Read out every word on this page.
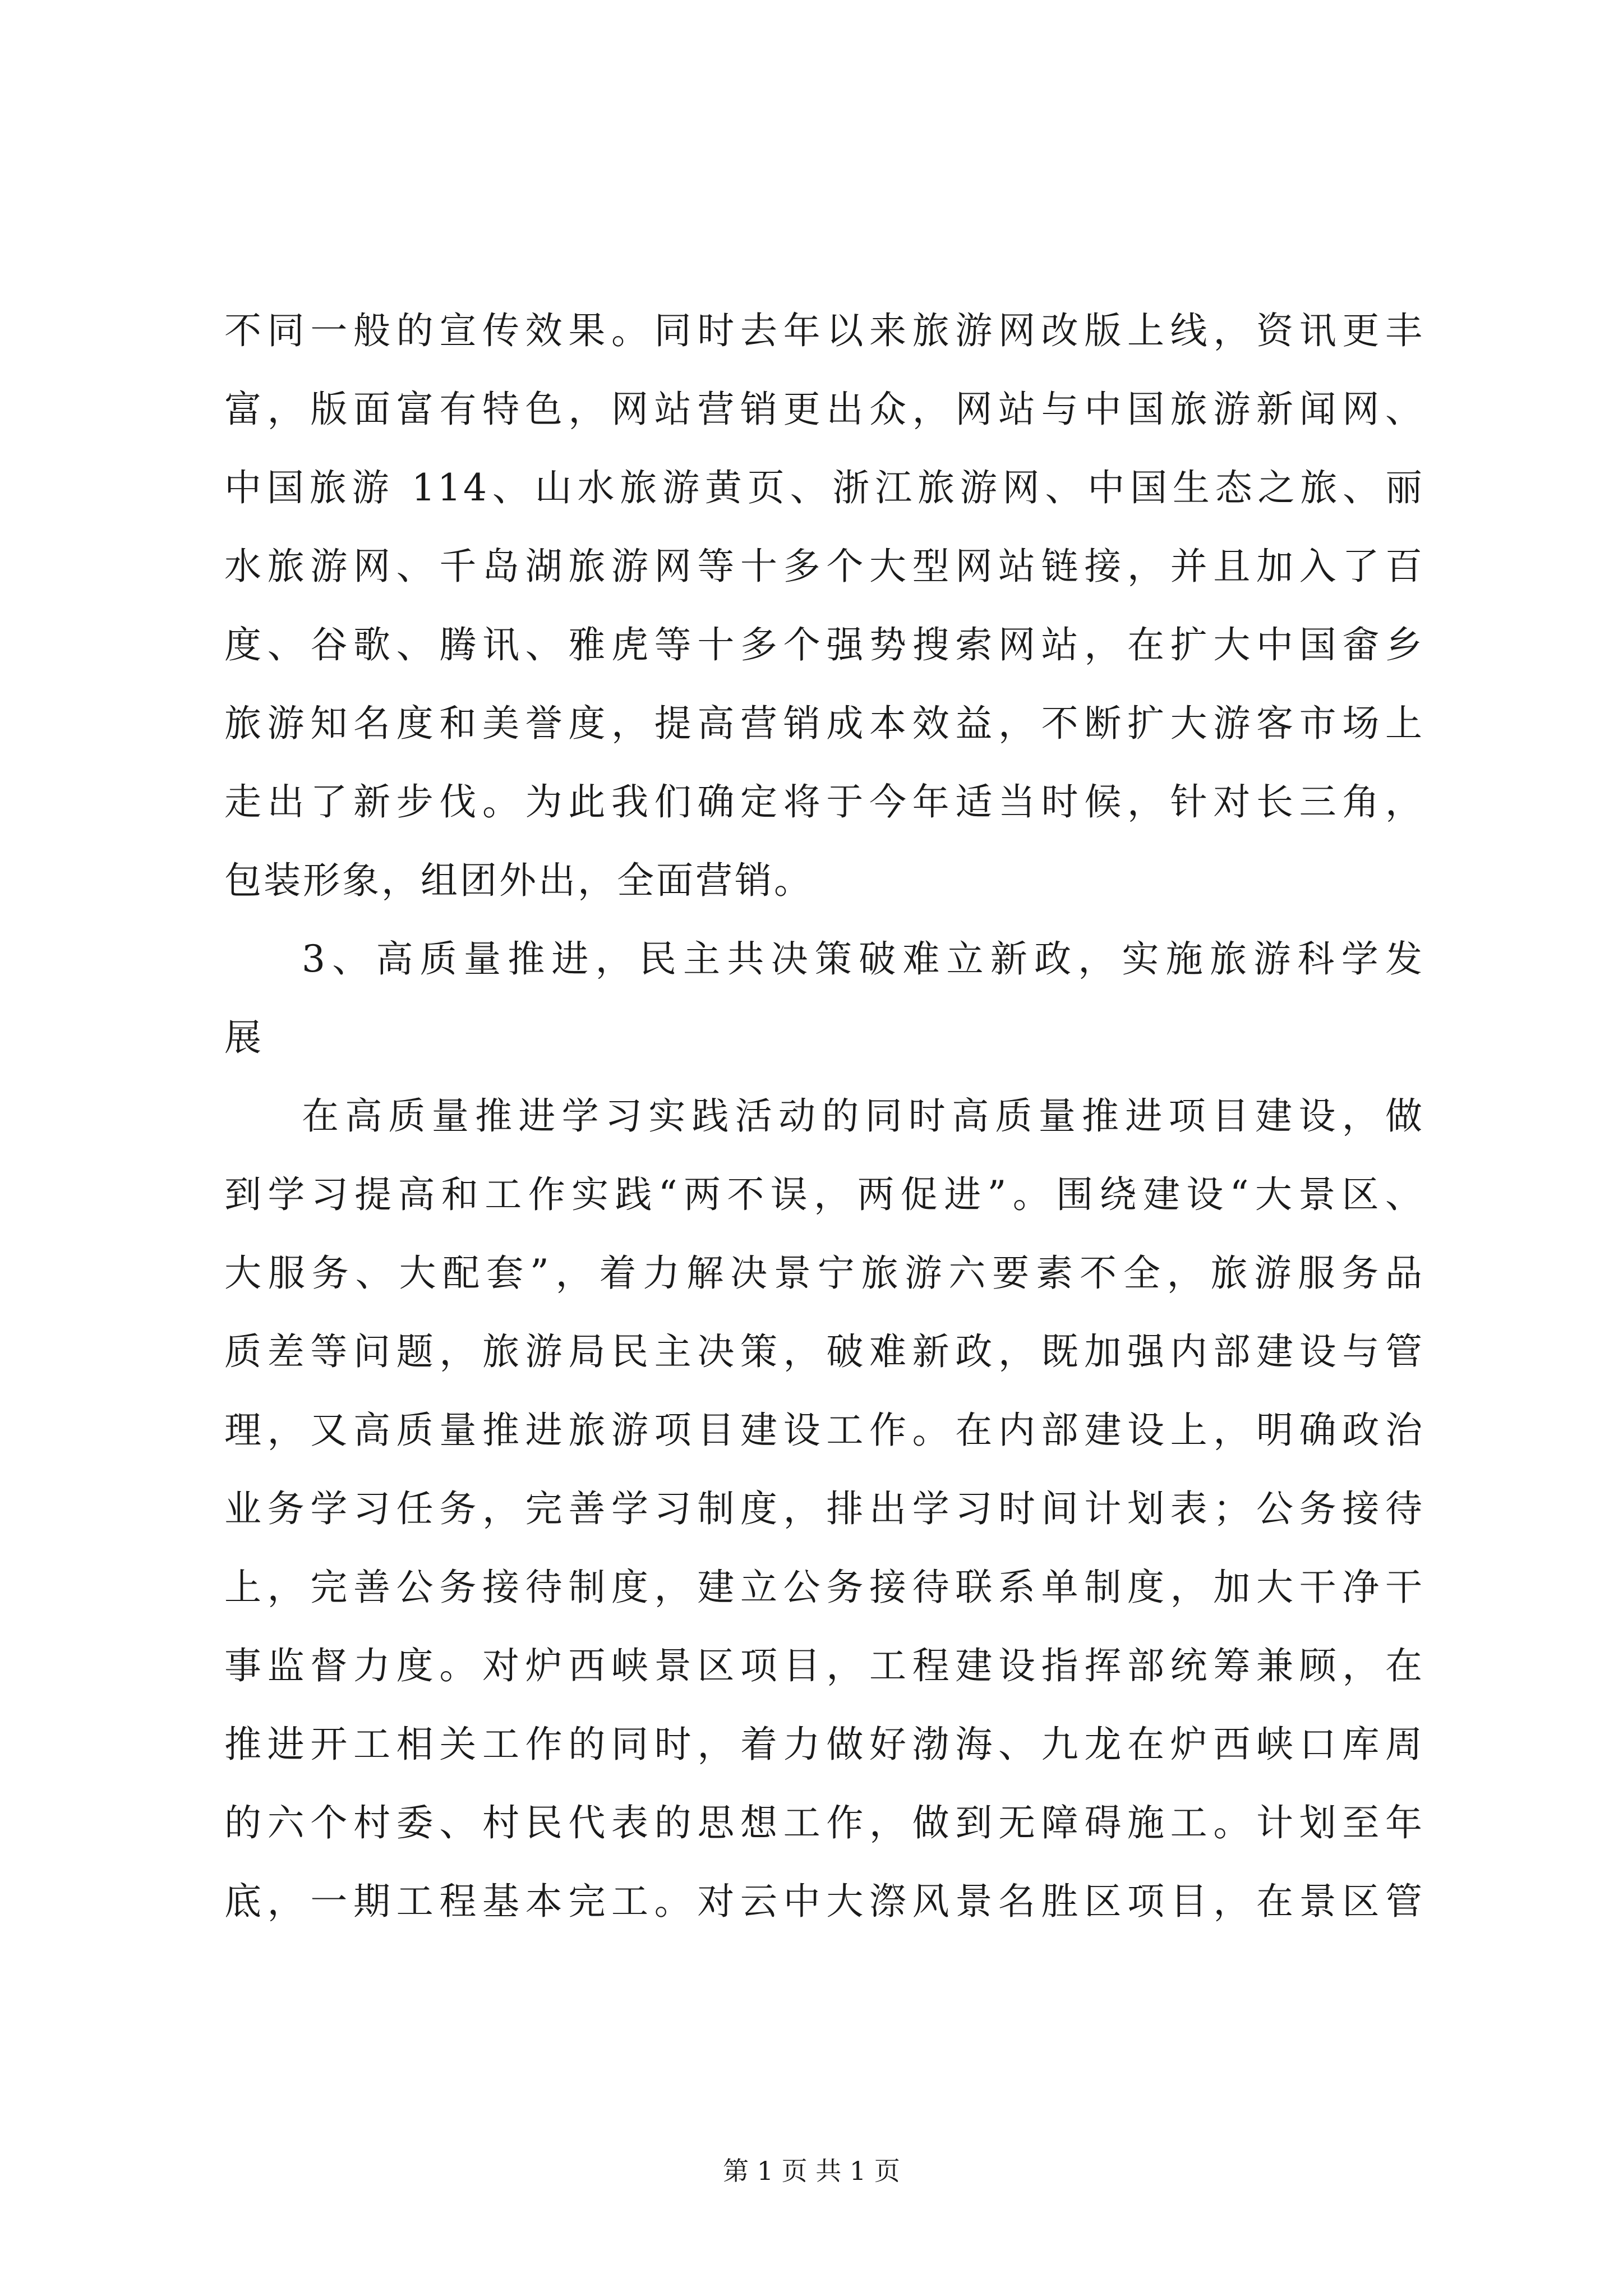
不同一般的宣传效果。同时去年以来旅游网改版上线，资讯更丰
富，版面富有特色，网站营销更出众，网站与中国旅游新闻网、
中国旅游 114、山水旅游黄页、浙江旅游网、中国生态之旅、丽
水旅游网、千岛湖旅游网等十多个大型网站链接，并且加入了百
度、谷歌、腾讯、雅虎等十多个强势搜索网站，在扩大中国畲乡
旅游知名度和美誉度，提高营销成本效益，不断扩大游客市场上
走出了新步伐。为此我们确定将于今年适当时候，针对长三角，
包装形象，组团外出，全面营销。
3、高质量推进，民主共决策破难立新政，实施旅游科学发
展
在高质量推进学习实践活动的同时高质量推进项目建设，做
到学习提高和工作实践“两不误，两促进”。围绕建设“大景区、
大服务、大配套”，着力解决景宁旅游六要素不全，旅游服务品
质差等问题，旅游局民主决策，破难新政，既加强内部建设与管
理，又高质量推进旅游项目建设工作。在内部建设上，明确政治
业务学习任务，完善学习制度，排出学习时间计划表；公务接待
上，完善公务接待制度，建立公务接待联系单制度，加大干净干
事监督力度。对炉西峡景区项目，工程建设指挥部统筹兼顾，在
推进开工相关工作的同时，着力做好渤海、九龙在炉西峡口库周
的六个村委、村民代表的思想工作，做到无障碍施工。计划至年
底，一期工程基本完工。对云中大漈风景名胜区项目，在景区管
第 1 页 共 1 页
